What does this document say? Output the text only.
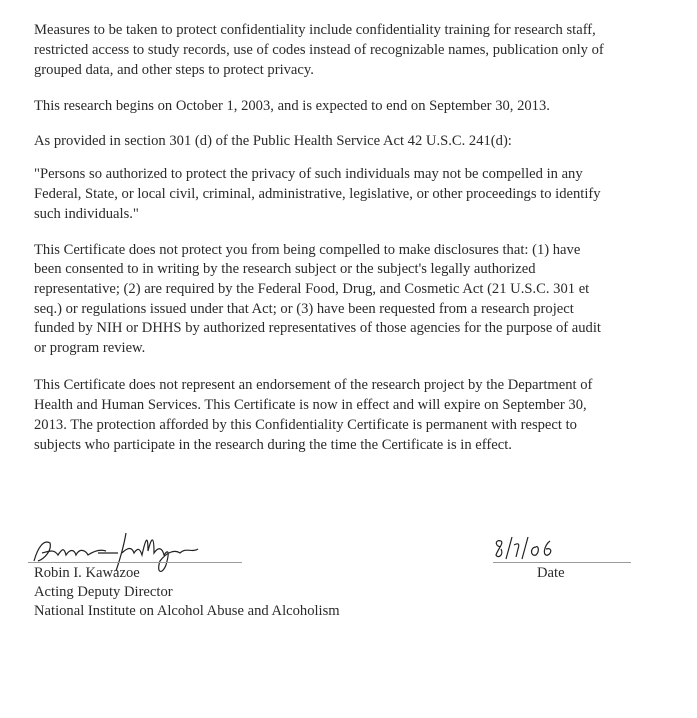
Measures to be taken to protect confidentiality include confidentiality training for research staff,
restricted access to study records, use of codes instead of recognizable names, publication only of
grouped data, and other steps to protect privacy.
This research begins on October 1, 2003, and is expected to end on September 30, 2013.
As provided in section 301 (d) of the Public Health Service Act 42 U.S.C. 241(d):
"Persons so authorized to protect the privacy of such individuals may not be compelled in any
Federal, State, or local civil, criminal, administrative, legislative, or other proceedings to identify
such individuals."
This Certificate does not protect you from being compelled to make disclosures that: (1) have
been consented to in writing by the research subject or the subject's legally authorized
representative; (2) are required by the Federal Food, Drug, and Cosmetic Act (21 U.S.C. 301 et
seq.) or regulations issued under that Act; or (3) have been requested from a research project
funded by NIH or DHHS by authorized representatives of those agencies for the purpose of audit
or program review.
This Certificate does not represent an endorsement of the research project by the Department of
Health and Human Services. This Certificate is now in effect and will expire on September 30,
2013. The protection afforded by this Confidentiality Certificate is permanent with respect to
subjects who participate in the research during the time the Certificate is in effect.
Robin I. Kawazoe
Acting Deputy Director
National Institute on Alcohol Abuse and Alcoholism
Date
